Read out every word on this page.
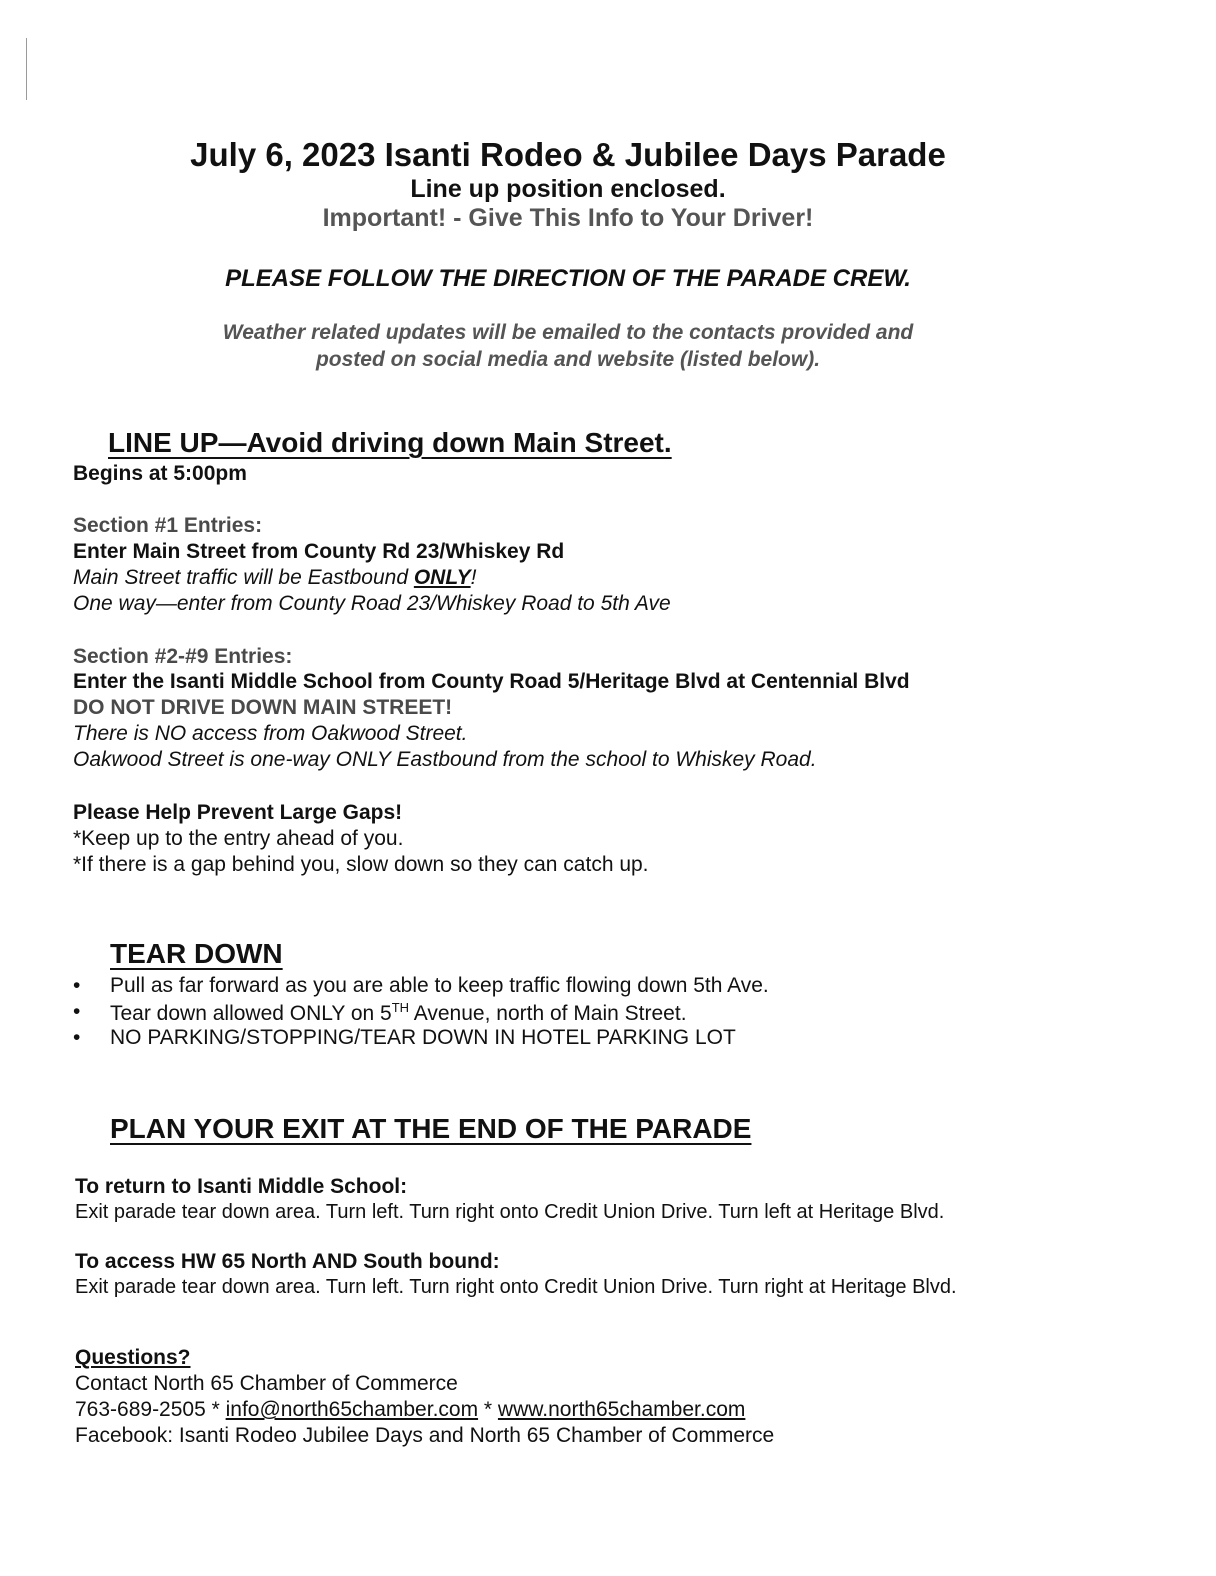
July 6, 2023 Isanti Rodeo & Jubilee Days Parade
Line up position enclosed.
Important! - Give This Info to Your Driver!
PLEASE FOLLOW THE DIRECTION OF THE PARADE CREW.
Weather related updates will be emailed to the contacts provided and
posted on social media and website (listed below).
LINE UP—Avoid driving down Main Street.
Begins at 5:00pm
Section #1 Entries:
Enter Main Street from County Rd 23/Whiskey Rd
Main Street traffic will be Eastbound ONLY!
One way—enter from County Road 23/Whiskey Road to 5th Ave
Section #2-#9 Entries:
Enter the Isanti Middle School from County Road 5/Heritage Blvd at Centennial Blvd
DO NOT DRIVE DOWN MAIN STREET!
There is NO access from Oakwood Street.
Oakwood Street is one-way ONLY Eastbound from the school to Whiskey Road.
Please Help Prevent Large Gaps!
*Keep up to the entry ahead of you.
*If there is a gap behind you, slow down so they can catch up.
TEAR DOWN
• Pull as far forward as you are able to keep traffic flowing down 5th Ave.
• Tear down allowed ONLY on 5TH Avenue, north of Main Street.
• NO PARKING/STOPPING/TEAR DOWN IN HOTEL PARKING LOT
PLAN YOUR EXIT AT THE END OF THE PARADE
To return to Isanti Middle School:
Exit parade tear down area. Turn left. Turn right onto Credit Union Drive. Turn left at Heritage Blvd.
To access HW 65 North AND South bound:
Exit parade tear down area. Turn left. Turn right onto Credit Union Drive. Turn right at Heritage Blvd.
Questions?
Contact North 65 Chamber of Commerce
763-689-2505 * info@north65chamber.com * www.north65chamber.com
Facebook: Isanti Rodeo Jubilee Days and North 65 Chamber of Commerce
